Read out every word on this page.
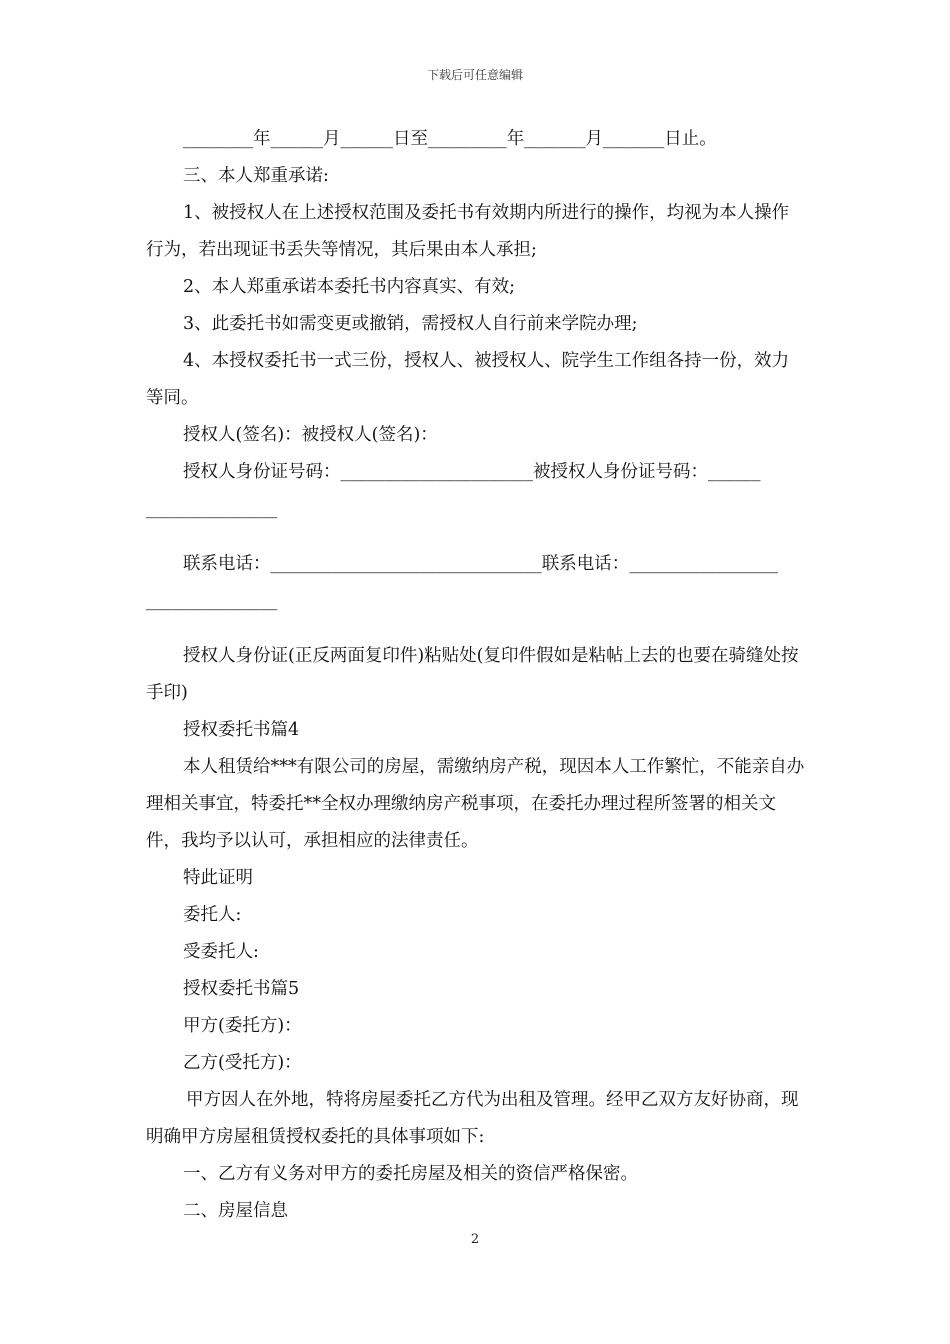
下载后可任意编辑

________年______月______日至_________年_______月_______日止。

三、本人郑重承诺:

1、被授权人在上述授权范围及委托书有效期内所进行的操作，均视为本人操作行为，若出现证书丢失等情况，其后果由本人承担;

2、本人郑重承诺本委托书内容真实、有效;

3、此委托书如需变更或撤销，需授权人自行前来学院办理;

4、本授权委托书一式三份，授权人、被授权人、院学生工作组各持一份，效力等同。

授权人(签名)：被授权人(签名)：

授权人身份证号码：______________________被授权人身份证号码：______

_______________

联系电话：_______________________________联系电话：_________________

_______________

授权人身份证(正反两面复印件)粘贴处(复印件假如是粘帖上去的也要在骑缝处按手印)

授权委托书篇4

本人租赁给***有限公司的房屋，需缴纳房产税，现因本人工作繁忙，不能亲自办理相关事宜，特委托**全权办理缴纳房产税事项，在委托办理过程所签署的相关文件，我均予以认可，承担相应的法律责任。

特此证明

委托人:

受委托人:

授权委托书篇5

甲方(委托方)：

乙方(受托方)：

甲方因人在外地，特将房屋委托乙方代为出租及管理。经甲乙双方友好协商，现明确甲方房屋租赁授权委托的具体事项如下:

一、乙方有义务对甲方的委托房屋及相关的资信严格保密。

二、房屋信息

2
